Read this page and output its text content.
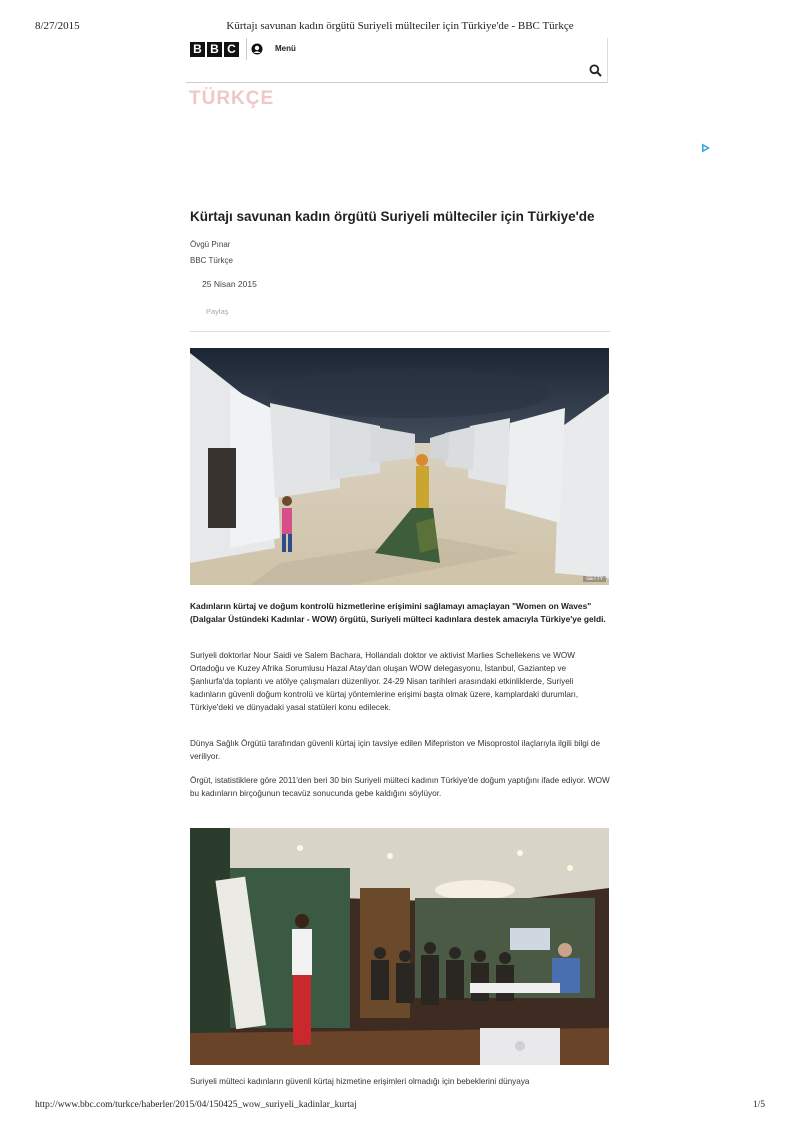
8/27/2015	Kürtajı savunan kadın örgütü Suriyeli mülteciler için Türkiye'de - BBC Türkçe
B B C	Menü
TÜRKÇE
Kürtajı savunan kadın örgütü Suriyeli mülteciler için Türkiye'de
Övgü Pınar
BBC Türkçe
25 Nisan 2015
Paylaş
GETTY

Kadınların kürtaj ve doğum kontrolü hizmetlerine erişimini sağlamayı amaçlayan "Women on Waves" (Dalgalar Üstündeki Kadınlar - WOW) örgütü, Suriyeli mülteci kadınlara destek amacıyla Türkiye'ye geldi.

Suriyeli doktorlar Nour Saidi ve Salem Bachara, Hollandalı doktor ve aktivist Marlies Schellekens ve WOW Ortadoğu ve Kuzey Afrika Sorumlusu Hazal Atay'dan oluşan WOW delegasyonu, İstanbul, Gaziantep ve Şanlıurfa'da toplantı ve atölye çalışmaları düzenliyor. 24-29 Nisan tarihleri arasındaki etkinliklerde, Suriyeli kadınların güvenli doğum kontrolü ve kürtaj yöntemlerine erişimi başta olmak üzere, kamplardaki durumları, Türkiye'deki ve dünyadaki yasal statüleri konu edilecek.

Dünya Sağlık Örgütü tarafından güvenli kürtaj için tavsiye edilen Mifepriston ve Misoprostol ilaçlarıyla ilgili bilgi de veriliyor.

Örgüt, istatistiklere göre 2011'den beri 30 bin Suriyeli mülteci kadının Türkiye'de doğum yaptığını ifade ediyor. WOW bu kadınların birçoğunun tecavüz sonucunda gebe kaldığını söylüyor.

Suriyeli mülteci kadınların güvenli kürtaj hizmetine erişimleri olmadığı için bebeklerini dünyaya

http://www.bbc.com/turkce/haberler/2015/04/150425_wow_suriyeli_kadinlar_kurtaj	1/5
